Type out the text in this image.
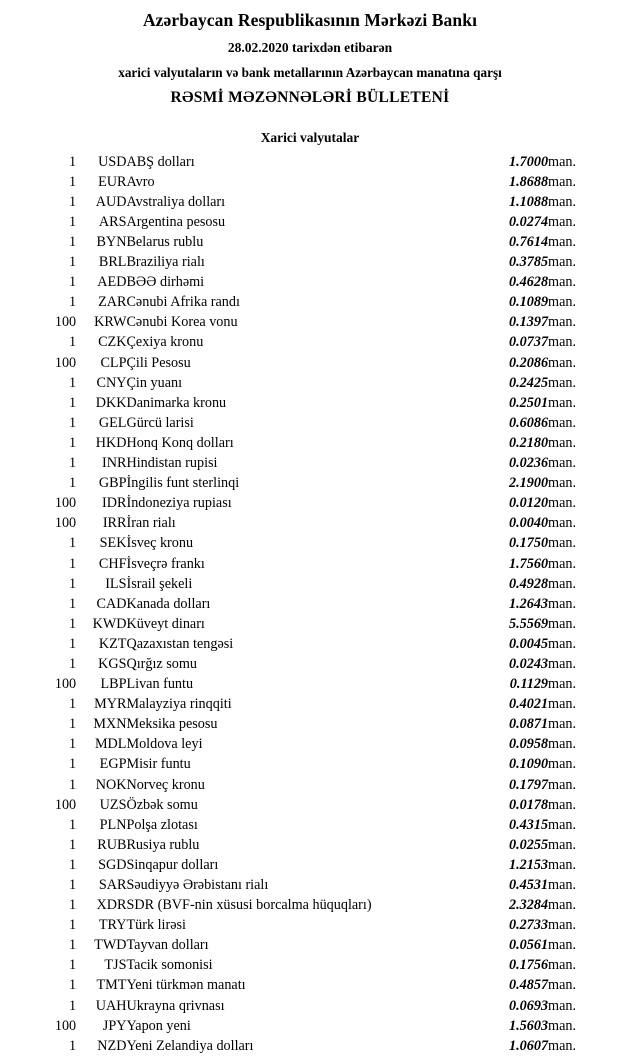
Azərbaycan Respublikasının Mərkəzi Bankı
28.02.2020 tarixdən etibarən
xarici valyutaların və bank metallarının Azərbaycan manatına qarşı
RƏSMİ MƏZƏNNƏLƏRİ BÜLLETENİ
Xarici valyutalar
1	USD	ABŞ dolları	1.7000	man.
1	EUR	Avro	1.8688	man.
1	AUD	Avstraliya dolları	1.1088	man.
1	ARS	Argentina pesosu	0.0274	man.
1	BYN	Belarus rublu	0.7614	man.
1	BRL	Braziliya rialı	0.3785	man.
1	AED	BƏƏ dirhəmi	0.4628	man.
1	ZAR	Cənubi Afrika randı	0.1089	man.
100	KRW	Cənubi Korea vonu	0.1397	man.
1	CZK	Çexiya kronu	0.0737	man.
100	CLP	Çili Pesosu	0.2086	man.
1	CNY	Çin yuanı	0.2425	man.
1	DKK	Danimarka kronu	0.2501	man.
1	GEL	Gürcü larisi	0.6086	man.
1	HKD	Honq Konq dolları	0.2180	man.
1	INR	Hindistan rupisi	0.0236	man.
1	GBP	İngilis funt sterlinqi	2.1900	man.
100	IDR	İndoneziya rupiası	0.0120	man.
100	IRR	İran rialı	0.0040	man.
1	SEK	İsveç kronu	0.1750	man.
1	CHF	İsveçrə frankı	1.7560	man.
1	ILS	İsrail şekeli	0.4928	man.
1	CAD	Kanada dolları	1.2643	man.
1	KWD	Küveyt dinarı	5.5569	man.
1	KZT	Qazaxıstan tengəsi	0.0045	man.
1	KGS	Qırğız somu	0.0243	man.
100	LBP	Livan funtu	0.1129	man.
1	MYR	Malayziya rinqqiti	0.4021	man.
1	MXN	Meksika pesosu	0.0871	man.
1	MDL	Moldova leyi	0.0958	man.
1	EGP	Misir funtu	0.1090	man.
1	NOK	Norveç kronu	0.1797	man.
100	UZS	Özbək somu	0.0178	man.
1	PLN	Polşa zlotası	0.4315	man.
1	RUB	Rusiya rublu	0.0255	man.
1	SGD	Sinqapur dolları	1.2153	man.
1	SAR	Səudiyyə Ərəbistanı rialı	0.4531	man.
1	XDR	SDR (BVF-nin xüsusi borcalma hüquqları)	2.3284	man.
1	TRY	Türk lirəsi	0.2733	man.
1	TWD	Tayvan dolları	0.0561	man.
1	TJS	Tacik somonisi	0.1756	man.
1	TMT	Yeni türkmən manatı	0.4857	man.
1	UAH	Ukrayna qrivnası	0.0693	man.
100	JPY	Yapon yeni	1.5603	man.
1	NZD	Yeni Zelandiya dolları	1.0607	man.
